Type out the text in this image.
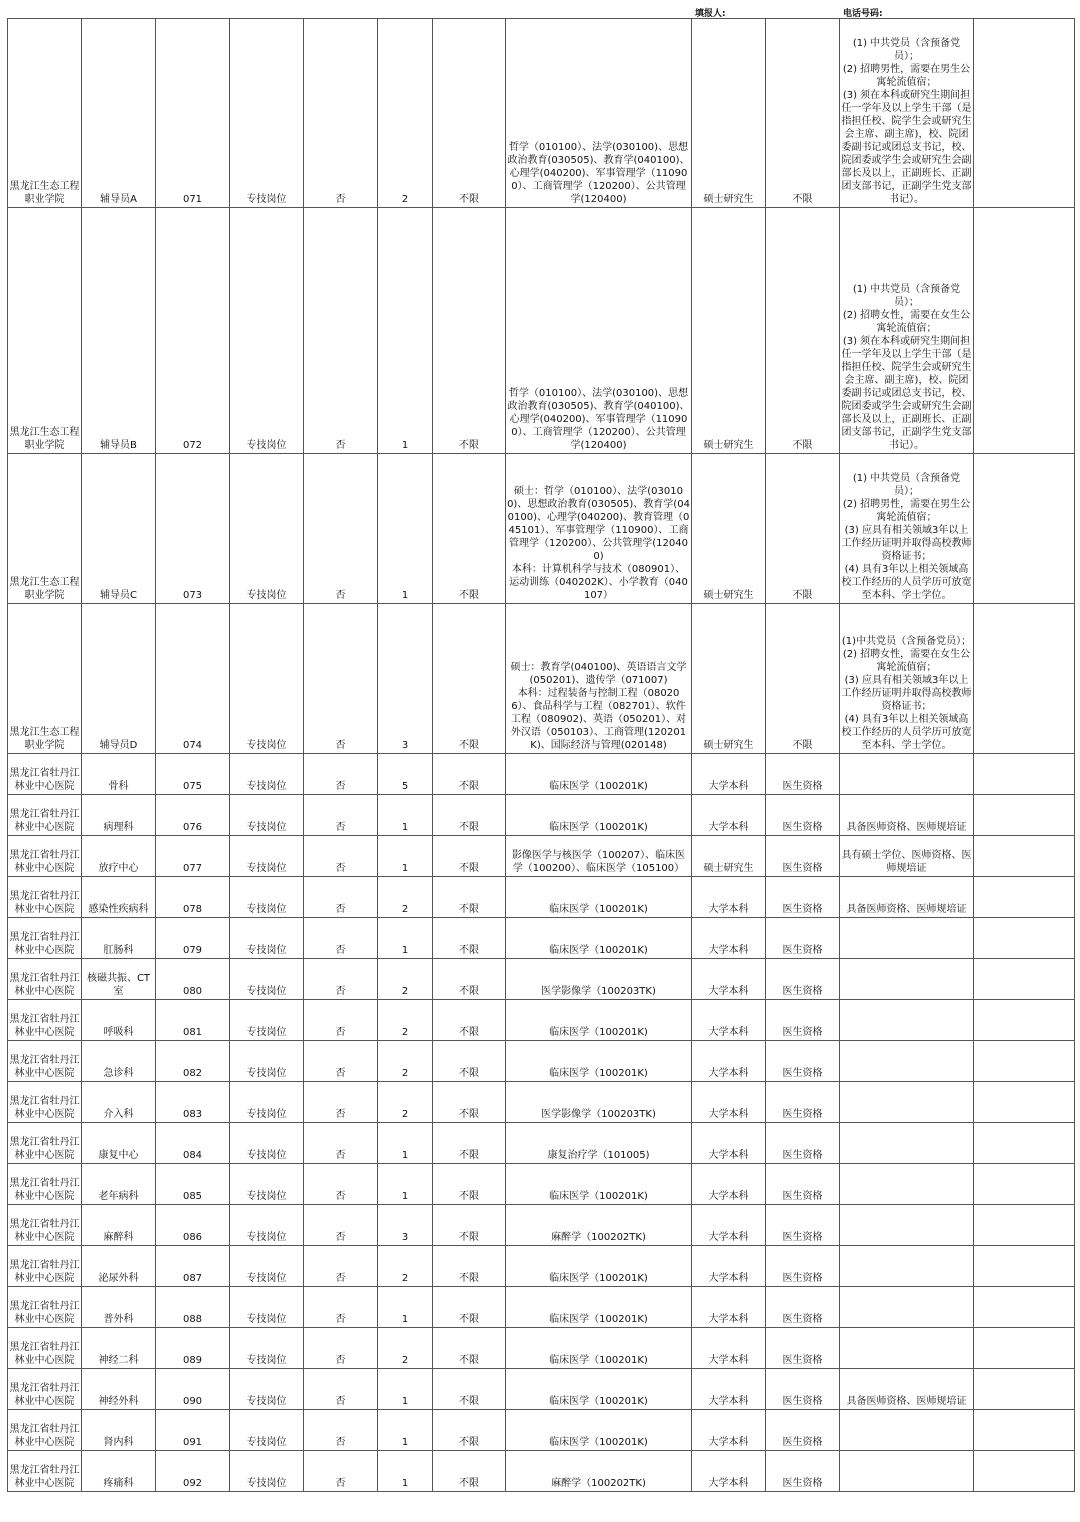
填报人:	电话号码:
黑龙江生态工程职业学院	辅导员A	071	专技岗位	否	2	不限	哲学（010100）、法学(030100)、思想政治教育(030505)、教育学(040100)、心理学(040200)、军事管理学（110900）、工商管理学（120200）、公共管理学(120400)	硕士研究生	不限	(1) 中共党员（含预备党员）；
(2) 招聘男性，需要在男生公寓轮流值宿；
(3) 须在本科或研究生期间担任一学年及以上学生干部（是指担任校、院学生会或研究生会主席、副主席)，校、院团委副书记或团总支书记，校、院团委或学生会或研究生会副部长及以上，正副班长、正副团支部书记，正副学生党支部书记）。	
黑龙江生态工程职业学院	辅导员B	072	专技岗位	否	1	不限	哲学（010100）、法学(030100)、思想政治教育(030505)、教育学(040100)、心理学(040200)、军事管理学（110900）、工商管理学（120200）、公共管理学(120400)	硕士研究生	不限	(1) 中共党员（含预备党员）；
(2) 招聘女性，需要在女生公寓轮流值宿；
(3) 须在本科或研究生期间担任一学年及以上学生干部（是指担任校、院学生会或研究生会主席、副主席)，校、院团委副书记或团总支书记，校、院团委或学生会或研究生会副部长及以上，正副班长、正副团支部书记，正副学生党支部书记）。	
黑龙江生态工程职业学院	辅导员C	073	专技岗位	否	1	不限	硕士：哲学（010100）、法学(030100)、思想政治教育(030505)、教育学(040100)、心理学(040200)、教育管理（045101）、军事管理学（110900）、工商管理学（120200）、公共管理学(120400)
本科：计算机科学与技术（080901）、运动训练（040202K）、小学教育（040107）	硕士研究生	不限	(1) 中共党员（含预备党员）；
(2) 招聘男性，需要在男生公寓轮流值宿；
(3) 应具有相关领域3年以上工作经历证明并取得高校教师资格证书；
(4) 具有3年以上相关领域高校工作经历的人员学历可放宽至本科、学士学位。	
黑龙江生态工程职业学院	辅导员D	074	专技岗位	否	3	不限	硕士：教育学(040100)、英语语言文学(050201)、遗传学（071007)
本科：过程装备与控制工程（080206）、食品科学与工程（082701）、软件工程（080902)、英语（050201）、对外汉语（050103）、工商管理(120201K)、国际经济与管理(020148)	硕士研究生	不限	(1)中共党员（含预备党员）；
(2) 招聘女性，需要在女生公寓轮流值宿；
(3) 应具有相关领域3年以上工作经历证明并取得高校教师资格证书；
(4) 具有3年以上相关领域高校工作经历的人员学历可放宽至本科、学士学位。	
黑龙江省牡丹江林业中心医院	骨科	075	专技岗位	否	5	不限	临床医学（100201K)	大学本科	医生资格		
黑龙江省牡丹江林业中心医院	病理科	076	专技岗位	否	1	不限	临床医学（100201K)	大学本科	医生资格	具备医师资格、医师规培证	
黑龙江省牡丹江林业中心医院	放疗中心	077	专技岗位	否	1	不限	影像医学与核医学（100207）、临床医学（100200）、临床医学（105100）	硕士研究生	医生资格	具有硕士学位、医师资格、医师规培证	
黑龙江省牡丹江林业中心医院	感染性疾病科	078	专技岗位	否	2	不限	临床医学（100201K)	大学本科	医生资格	具备医师资格、医师规培证	
黑龙江省牡丹江林业中心医院	肛肠科	079	专技岗位	否	1	不限	临床医学（100201K)	大学本科	医生资格		
黑龙江省牡丹江林业中心医院	核磁共振、CT室	080	专技岗位	否	2	不限	医学影像学（100203TK)	大学本科	医生资格		
黑龙江省牡丹江林业中心医院	呼吸科	081	专技岗位	否	2	不限	临床医学（100201K)	大学本科	医生资格		
黑龙江省牡丹江林业中心医院	急诊科	082	专技岗位	否	2	不限	临床医学（100201K)	大学本科	医生资格		
黑龙江省牡丹江林业中心医院	介入科	083	专技岗位	否	2	不限	医学影像学（100203TK)	大学本科	医生资格		
黑龙江省牡丹江林业中心医院	康复中心	084	专技岗位	否	1	不限	康复治疗学（101005)	大学本科	医生资格		
黑龙江省牡丹江林业中心医院	老年病科	085	专技岗位	否	1	不限	临床医学（100201K)	大学本科	医生资格		
黑龙江省牡丹江林业中心医院	麻醉科	086	专技岗位	否	3	不限	麻醉学（100202TK)	大学本科	医生资格		
黑龙江省牡丹江林业中心医院	泌尿外科	087	专技岗位	否	2	不限	临床医学（100201K)	大学本科	医生资格		
黑龙江省牡丹江林业中心医院	普外科	088	专技岗位	否	1	不限	临床医学（100201K)	大学本科	医生资格		
黑龙江省牡丹江林业中心医院	神经二科	089	专技岗位	否	2	不限	临床医学（100201K)	大学本科	医生资格		
黑龙江省牡丹江林业中心医院	神经外科	090	专技岗位	否	1	不限	临床医学（100201K)	大学本科	医生资格	具备医师资格、医师规培证	
黑龙江省牡丹江林业中心医院	肾内科	091	专技岗位	否	1	不限	临床医学（100201K)	大学本科	医生资格		
黑龙江省牡丹江林业中心医院	疼痛科	092	专技岗位	否	1	不限	麻醉学（100202TK)	大学本科	医生资格		
